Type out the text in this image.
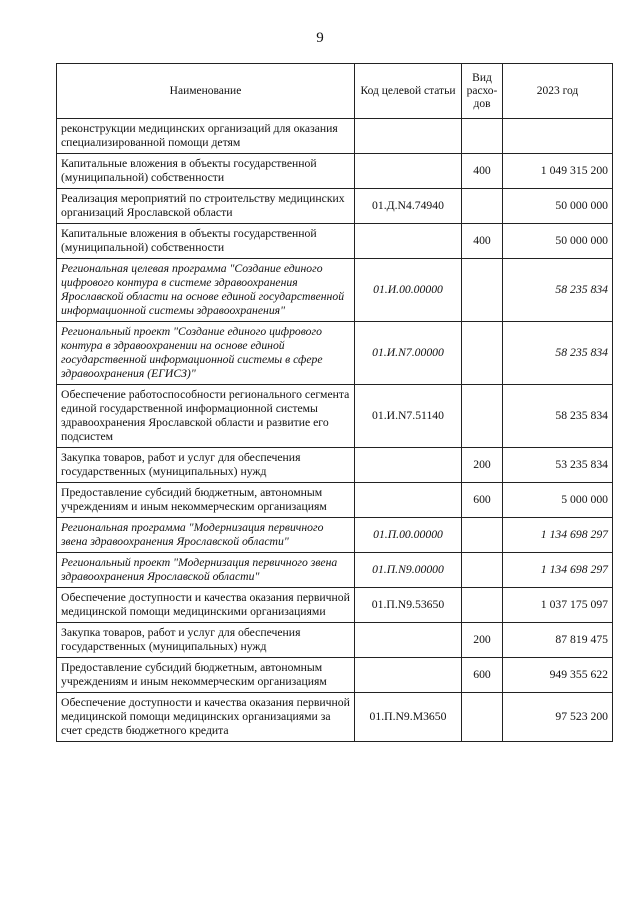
9
Наименование	Код целевой статьи	Вид расхо-дов	2023 год
реконструкции медицинских организаций для оказания специализированной помощи детям			
Капитальные вложения в объекты государственной (муниципальной) собственности		400	1 049 315 200
Реализация мероприятий по строительству медицинских организаций Ярославской области	01.Д.N4.74940		50 000 000
Капитальные вложения в объекты государственной (муниципальной) собственности		400	50 000 000
Региональная целевая программа "Создание единого цифрового контура в системе здравоохранения Ярославской области на основе единой государственной информационной системы здравоохранения"	01.И.00.00000		58 235 834
Региональный проект "Создание единого цифрового контура в здравоохранении на основе единой государственной информационной системы в сфере здравоохранения (ЕГИСЗ)"	01.И.N7.00000		58 235 834
Обеспечение работоспособности регионального сегмента единой государственной информационной системы здравоохранения Ярославской области и развитие его подсистем	01.И.N7.51140		58 235 834
Закупка товаров, работ и услуг для обеспечения государственных (муниципальных) нужд		200	53 235 834
Предоставление субсидий бюджетным, автономным учреждениям и иным некоммерческим организациям		600	5 000 000
Региональная программа "Модернизация первичного звена здравоохранения Ярославской области"	01.П.00.00000		1 134 698 297
Региональный проект "Модернизация первичного звена здравоохранения Ярославской области"	01.П.N9.00000		1 134 698 297
Обеспечение доступности и качества оказания первичной медицинской помощи медицинскими организациями	01.П.N9.53650		1 037 175 097
Закупка товаров, работ и услуг для обеспечения государственных (муниципальных) нужд		200	87 819 475
Предоставление субсидий бюджетным, автономным учреждениям и иным некоммерческим организациям		600	949 355 622
Обеспечение доступности и качества оказания первичной медицинской помощи медицинских организациями за счет средств бюджетного кредита	01.П.N9.М3650		97 523 200
